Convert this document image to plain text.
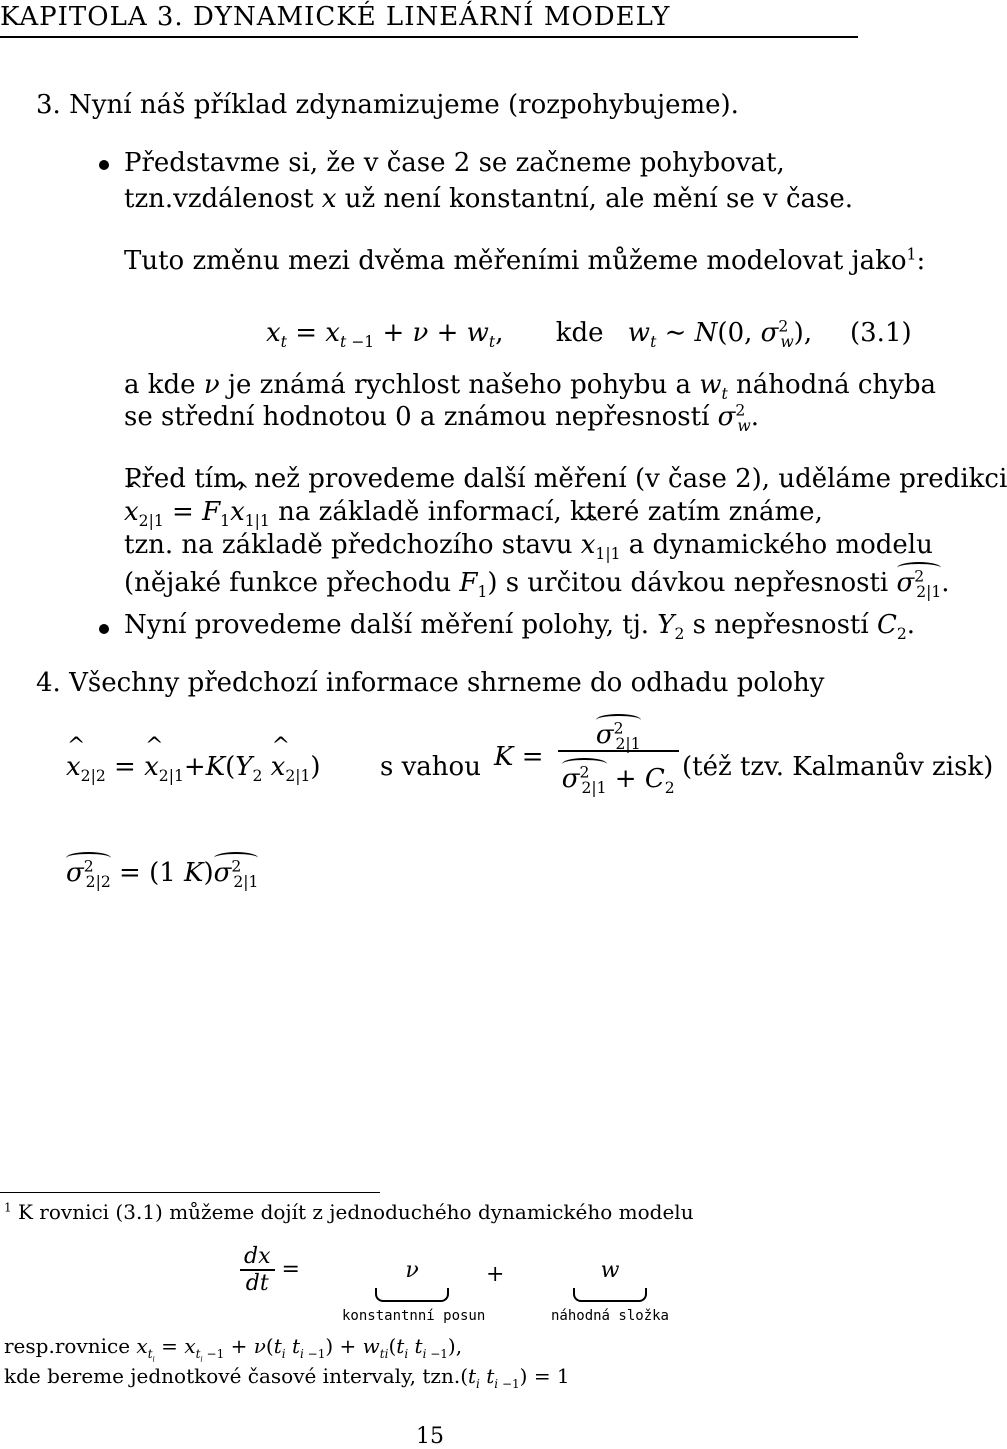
KAPITOLA 3. DYNAMICKÉ LINEÁRNÍ MODELY
3. Nyní náš příklad zdynamizujeme (rozpohybujeme).
Představme si, že v čase 2 se začneme pohybovat,
tzn.vzdálenost x už není konstantní, ale mění se v čase.
Tuto změnu mezi dvěma měřeními můžeme modelovat jako$^1$:
$x_t = x_t$ $_{-1} + \nu + w_t$, kde $w_t$ ∼ N(0, $\sigma^2_w$), (3.1)
a kde ν je známá rychlost našeho pohybu a $w_t$ náhodná chyba
se střední hodnotou 0 a známou nepřesností $\sigma^2_w$.
Před tím, než provedeme další měření (v čase 2), uděláme predikci
^ $x_{2|1}$ = $F_1\^{}$ $x_{1|1}$ na základě informací, které zatím známe,
tzn. na základě předchozího stavu ^ $x_{1|1}$ a dynamického modelu
(nějaké funkce přechodu $F_1$) s určitou dávkou nepřesnosti $\sigma^2_{2|1}$.
Nyní provedeme další měření polohy, tj. $Y_2$ s nepřesností $C_2$.
4. Všechny předchozí informace shrneme do odhadu polohy
^ $x_{2|2}$ = ^ $x_{2|1}+K(Y_2$ ^ $x_{2|1}$) s vahou $K = \frac{\sigma^2_{2|1}}{\sigma^2_{2|1} + C_2}$ (též tzv. Kalmanův zisk)
$\sigma^2_{2|2} = (1$ $K)\sigma^2_{2|1}$
$^1$ K rovnici (3.1) můžeme dojít z jednoduchého dynamického modelu
$\frac{dx}{dt}$ =	ν
konstantnní posun
+	w
náhodná složka
resp.rovnice $x_{t_i} = x_{t_i}$ $_{-1} + \nu(t_i$ $t_i$ $_{-1}) + w_{ti}(t_i$ $t_i$ $_{-1}$),
kde bereme jednotkové časové intervaly, $tzn.(t_i$ $t_i$ $_{-1}$) = 1
15
